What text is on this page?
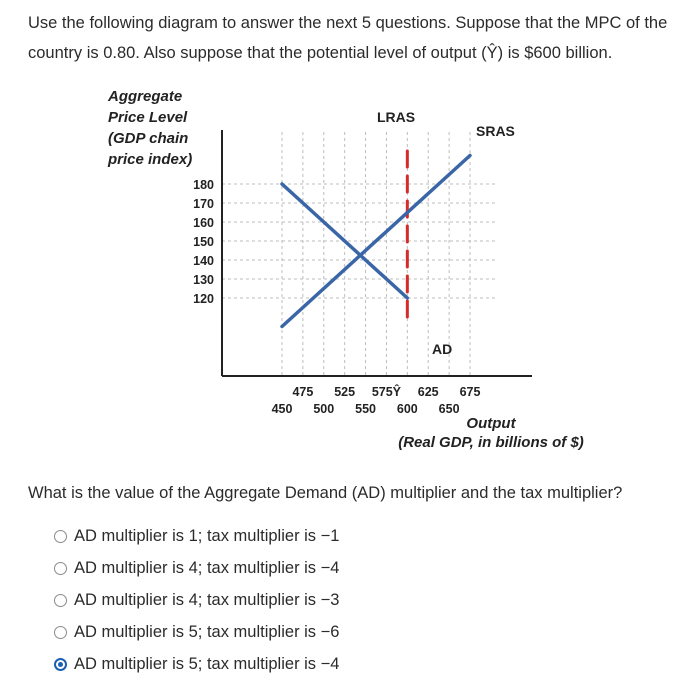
Use the following diagram to answer the next 5 questions. Suppose that the MPC of the
country is 0.80. Also suppose that the potential level of output (Ŷ) is $600 billion.
Aggregate
Price Level
(GDP chain
price index)
180
170
160
150
140
130
120
475 525 575Ŷ 625 675
450 500 550 600 650
LRAS
SRAS
AD
Output
(Real GDP, in billions of $)
What is the value of the Aggregate Demand (AD) multiplier and the tax multiplier?
AD multiplier is 1; tax multiplier is −1
AD multiplier is 4; tax multiplier is −4
AD multiplier is 4; tax multiplier is −3
AD multiplier is 5; tax multiplier is −6
AD multiplier is 5; tax multiplier is −4
